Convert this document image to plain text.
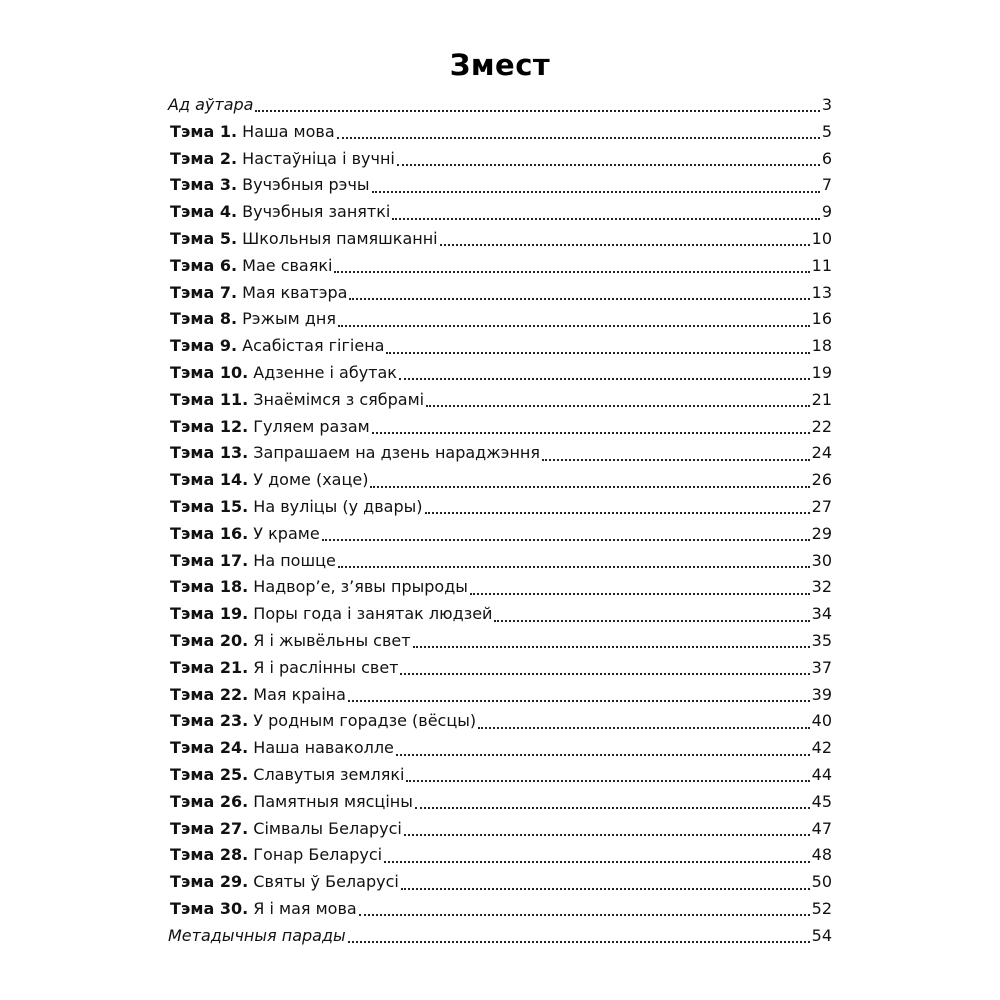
Змест
Ад аўтара	3
Тэма 1. Наша мова	5
Тэма 2. Настаўніца і вучні	6
Тэма 3. Вучэбныя рэчы	7
Тэма 4. Вучэбныя заняткі	9
Тэма 5. Школьныя памяшканні	10
Тэма 6. Мае сваякі	11
Тэма 7. Мая кватэра	13
Тэма 8. Рэжым дня	16
Тэма 9. Асабістая гігіена	18
Тэма 10. Адзенне і абутак	19
Тэма 11. Знаёмімся з сябрамі	21
Тэма 12. Гуляем разам	22
Тэма 13. Запрашаем на дзень нараджэння	24
Тэма 14. У доме (хаце)	26
Тэма 15. На вуліцы (у двары)	27
Тэма 16. У краме	29
Тэма 17. На пошце	30
Тэма 18. Надвор’е, з’явы прыроды	32
Тэма 19. Поры года і занятак людзей	34
Тэма 20. Я і жывёльны свет	35
Тэма 21. Я і раслінны свет	37
Тэма 22. Мая краіна	39
Тэма 23. У родным горадзе (вёсцы)	40
Тэма 24. Наша наваколле	42
Тэма 25. Славутыя землякі	44
Тэма 26. Памятныя мясціны	45
Тэма 27. Сімвалы Беларусі	47
Тэма 28. Гонар Беларусі	48
Тэма 29. Святы ў Беларусі	50
Тэма 30. Я і мая мова	52
Метадычныя парады	54
